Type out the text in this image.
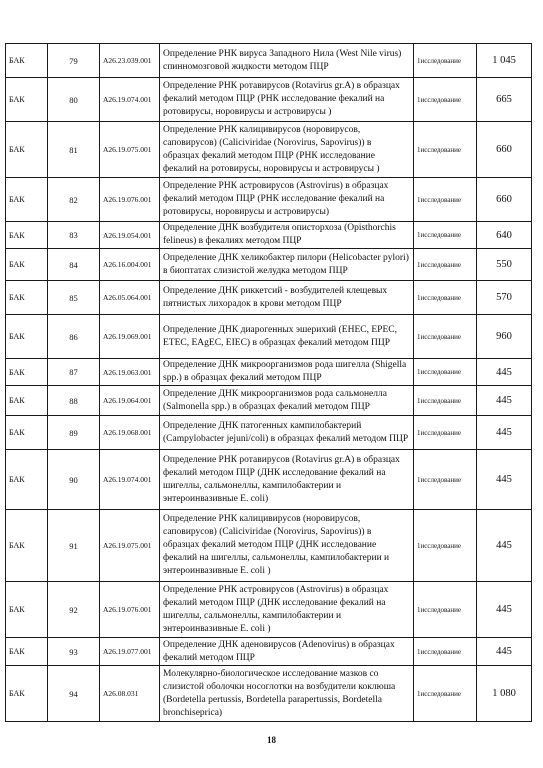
БАК	79	А26.23.039.001	Определение РНК вируса Западного Нила (West Nile virus) спинномозговой жидкости методом ПЦР	1исследование	1 045
БАК	80	А26.19.074.001	Определение РНК ротавирусов (Rotavirus gr.A) в образцах фекалий методом ПЦР (РНК исследование фекалий на ротовирусы, норовирусы и астровирусы )	1исследование	665
БАК	81	А26.19.075.001	Определение РНК калицивирусов (норовирусов, саповирусов) (Caliciviridae (Norovirus, Sapovirus)) в образцах фекалий методом ПЦР (РНК исследование фекалий на ротовирусы, норовирусы и астровирусы )	1исследование	660
БАК	82	А26.19.076.001	Определение РНК астровирусов (Astrovirus) в образцах фекалий методом ПЦР (РНК исследование фекалий на ротовирусы, норовирусы и астровирусы)	1исследование	660
БАК	83	А26.19.054.001	Определение ДНК возбудителя описторхоза (Opisthorchis felineus) в фекалиях методом ПЦР	1исследование	640
БАК	84	А26.16.004.001	Определение ДНК хеликобактер пилори (Helicobacter pylori) в биоптатах слизистой желудка методом ПЦР	1исследование	550
БАК	85	А26.05.064.001	Определение ДНК риккетсий - возбудителей клещевых пятнистых лихорадок в крови методом ПЦР	1исследование	570
БАК	86	А26.19.069.001	Определение ДНК диарогенных эшерихий (EHEC, EPEC, ETEC, EAgEC, EIEC) в образцах фекалий методом ПЦР	1исследование	960
БАК	87	А26.19.063.001	Определение ДНК микроорганизмов рода шигелла (Shigella spp.) в образцах фекалий методом ПЦР	1исследование	445
БАК	88	А26.19.064.001	Определение ДНК микроорганизмов рода сальмонелла (Salmonella spp.) в образцах фекалий методом ПЦР	1исследование	445
БАК	89	А26.19.068.001	Определение ДНК патогенных кампилобактерий (Campylobacter jejuni/coli) в образцах фекалий методом ПЦР	1исследование	445
БАК	90	А26.19.074.001	Определение РНК ротавирусов (Rotavirus gr.A) в образцах фекалий методом ПЦР (ДНК исследование фекалий на шигеллы, сальмонеллы, кампилобактерии и энтероинвазивные E. coli)	1исследование	445
БАК	91	А26.19.075.001	Определение РНК калицивирусов (норовирусов, саповирусов) (Caliciviridae (Norovirus, Sapovirus)) в образцах фекалий методом ПЦР (ДНК исследование фекалий на шигеллы, сальмонеллы, кампилобактерии и энтероинвазивные E. coli )	1исследование	445
БАК	92	А26.19.076.001	Определение РНК астровирусов (Astrovirus) в образцах фекалий методом ПЦР (ДНК исследование фекалий на шигеллы, сальмонеллы, кампилобактерии и энтероинвазивные E. coli )	1исследование	445
БАК	93	А26.19.077.001	Определение ДНК аденовирусов (Adenovirus) в образцах фекалий методом ПЦР	1исследование	445
БАК	94	А26.08.031	Молекулярно-биологическое исследование мазков со слизистой оболочки носоглотки на возбудители коклюша (Bordetella pertussis, Bordetella parapertussis, Bordetella bronchiseprica)	1исследование	1 080
18
